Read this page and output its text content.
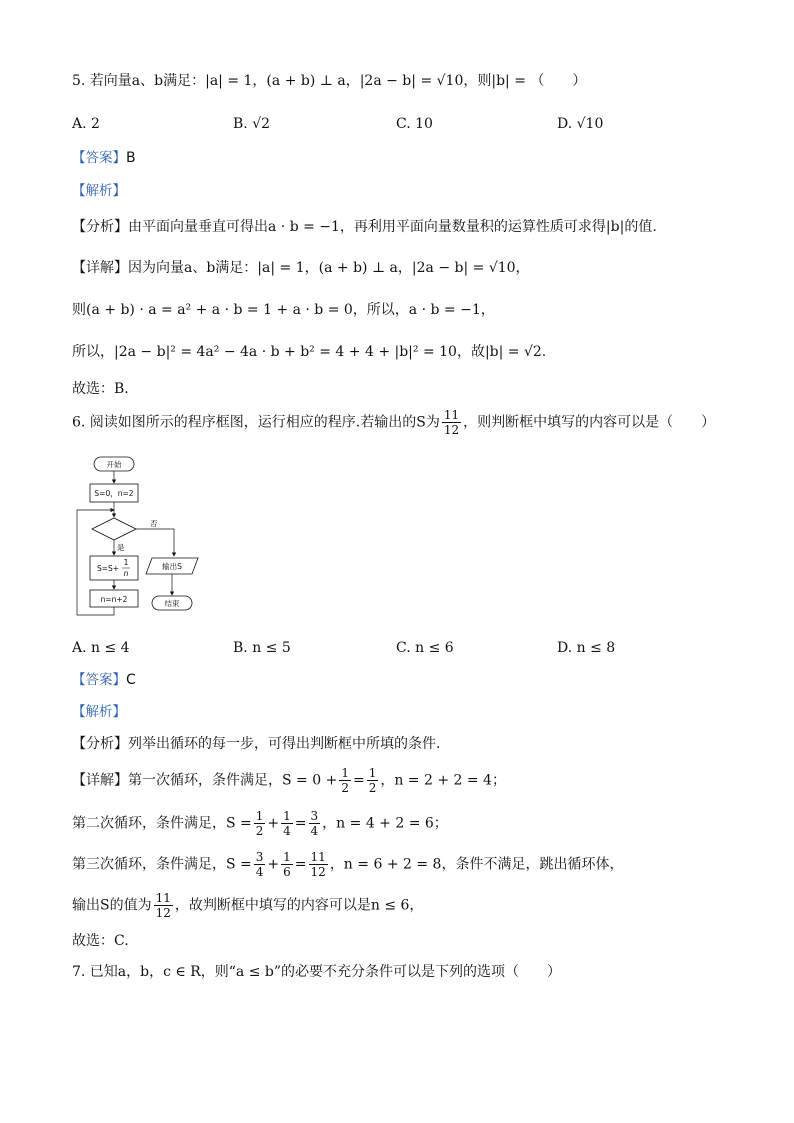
5. 若向量a、b满足：|a| = 1，(a + b) ⊥ a，|2a − b| = √10，则|b| = （　　）
A. 2	B. √2	C. 10	D. √10
【答案】B
【解析】
【分析】由平面向量垂直可得出a · b = −1，再利用平面向量数量积的运算性质可求得|b|的值.
【详解】因为向量a、b满足：|a| = 1，(a + b) ⊥ a，|2a − b| = √10，
则(a + b) · a = a² + a · b = 1 + a · b = 0，所以，a · b = −1，
所以，|2a − b|² = 4a² − 4a · b + b² = 4 + 4 + |b|² = 10，故|b| = √2.
故选：B.
6. 阅读如图所示的程序框图，运行相应的程序.若输出的S为 $\frac{11}{12}$ ，则判断框中填写的内容可以是（　　）
开始
S=0，n=2
否
是
S=S+
1
n
n=n+2
输出S
结束
A. n ≤ 4	B. n ≤ 5	C. n ≤ 6	D. n ≤ 8
【答案】C
【解析】
【分析】列举出循环的每一步，可得出判断框中所填的条件.
【详解】第一次循环，条件满足，$S = 0 + \frac{1}{2} = \frac{1}{2}$ ，n = 2 + 2 = 4；
第二次循环，条件满足，$S = \frac{1}{2} + \frac{1}{4} = \frac{3}{4}$ ，n = 4 + 2 = 6；
第三次循环，条件满足，$S = \frac{3}{4} + \frac{1}{6} = \frac{11}{12}$ ，n = 6 + 2 = 8，条件不满足，跳出循环体，
输出S的值为 $\frac{11}{12}$ ，故判断框中填写的内容可以是n ≤ 6，
故选：C.
7. 已知a，b，c ∈ R，则“a ≤ b”的必要不充分条件可以是下列的选项（　　）
